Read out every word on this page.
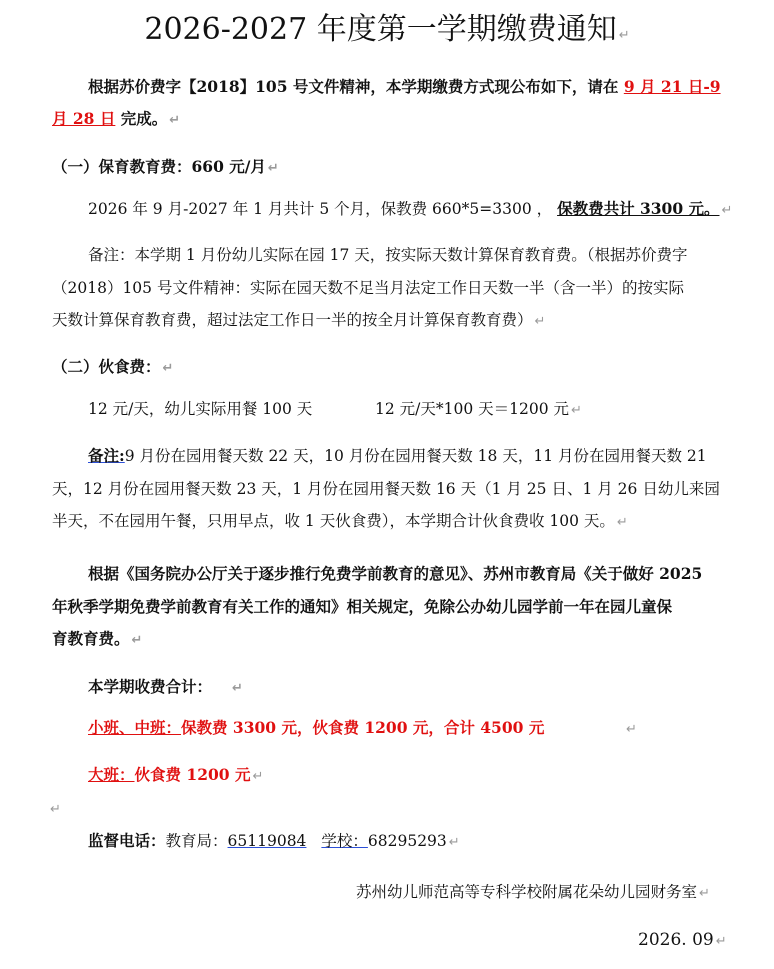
2026-2027 年度第一学期缴费通知 ↵
根据苏价费字【2018】105 号文件精神，本学期缴费方式现公布如下，请在 9 月 21 日-9
月 28 日 完成。 ↵
（一）保育教育费：660 元/月 ↵
2026 年 9 月-2027 年 1 月共计 5 个月，保教费 660*5=3300 ， 保教费共计 3300 元。 ↵
备注：本学期 1 月份幼儿实际在园 17 天，按实际天数计算保育教育费。（根据苏价费字
（2018）105 号文件精神：实际在园天数不足当月法定工作日天数一半（含一半）的按实际
天数计算保育教育费，超过法定工作日一半的按全月计算保育教育费） ↵
（二）伙食费： ↵
12 元/天，幼儿实际用餐 100 天	12 元/天*100 天＝1200 元 ↵
备注:9 月份在园用餐天数 22 天，10 月份在园用餐天数 18 天，11 月份在园用餐天数 21
天，12 月份在园用餐天数 23 天，1 月份在园用餐天数 16 天（1 月 25 日、1 月 26 日幼儿来园
半天，不在园用午餐，只用早点，收 1 天伙食费），本学期合计伙食费收 100 天。 ↵
根据《国务院办公厅关于逐步推行免费学前教育的意见》、苏州市教育局《关于做好 2025
年秋季学期免费学前教育有关工作的通知》相关规定，免除公办幼儿园学前一年在园儿童保
育教育费。 ↵
本学期收费合计： ↵
小班、中班：保教费 3300 元，伙食费 1200 元，合计 4500 元	↵
大班：伙食费 1200 元 ↵
↵
监督电话：教育局：65119084 学校：68295293 ↵
苏州幼儿师范高等专科学校附属花朵幼儿园财务室 ↵
2026. 09 ↵
